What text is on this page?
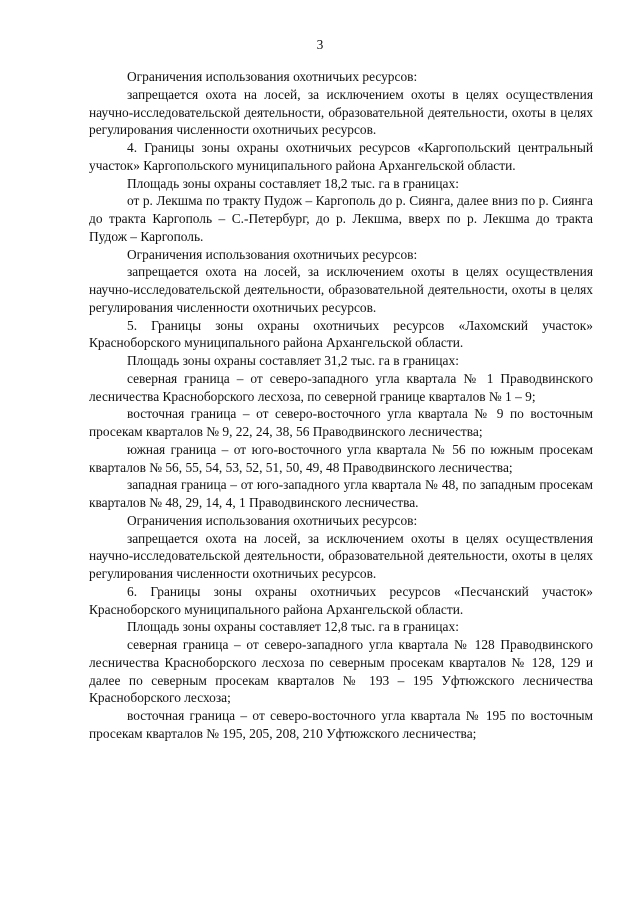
3

Ограничения использования охотничьих ресурсов:

запрещается охота на лосей, за исключением охоты в целях осуществления научно-исследовательской деятельности, образовательной деятельности, охоты в целях регулирования численности охотничьих ресурсов.

4. Границы зоны охраны охотничьих ресурсов «Каргопольский центральный участок» Каргопольского муниципального района Архангельской области.

Площадь зоны охраны составляет 18,2 тыс. га в границах:

от р. Лекшма по тракту Пудож – Каргополь до р. Сиянга, далее вниз по р. Сиянга до тракта Каргополь – С.-Петербург, до р. Лекшма, вверх по р. Лекшма до тракта Пудож – Каргополь.

Ограничения использования охотничьих ресурсов:

запрещается охота на лосей, за исключением охоты в целях осуществления научно-исследовательской деятельности, образовательной деятельности, охоты в целях регулирования численности охотничьих ресурсов.

5. Границы зоны охраны охотничьих ресурсов «Лахомский участок» Красноборского муниципального района Архангельской области.

Площадь зоны охраны составляет 31,2 тыс. га в границах:

северная граница – от северо-западного угла квартала № 1 Праводвинского лесничества Красноборского лесхоза, по северной границе кварталов № 1 – 9;

восточная граница – от северо-восточного угла квартала № 9 по восточным просекам кварталов № 9, 22, 24, 38, 56 Праводвинского лесничества;

южная граница – от юго-восточного угла квартала № 56 по южным просекам кварталов № 56, 55, 54, 53, 52, 51, 50, 49, 48 Праводвинского лесничества;

западная граница – от юго-западного угла квартала № 48, по западным просекам кварталов № 48, 29, 14, 4, 1 Праводвинского лесничества.

Ограничения использования охотничьих ресурсов:

запрещается охота на лосей, за исключением охоты в целях осуществления научно-исследовательской деятельности, образовательной деятельности, охоты в целях регулирования численности охотничьих ресурсов.

6. Границы зоны охраны охотничьих ресурсов «Песчанский участок» Красноборского муниципального района Архангельской области.

Площадь зоны охраны составляет 12,8 тыс. га в границах:

северная граница – от северо-западного угла квартала № 128 Праводвинского лесничества Красноборского лесхоза по северным просекам кварталов № 128, 129 и далее по северным просекам кварталов № 193 – 195 Уфтюжского лесничества Красноборского лесхоза;

восточная граница – от северо-восточного угла квартала № 195 по восточным просекам кварталов № 195, 205, 208, 210 Уфтюжского лесничества;
